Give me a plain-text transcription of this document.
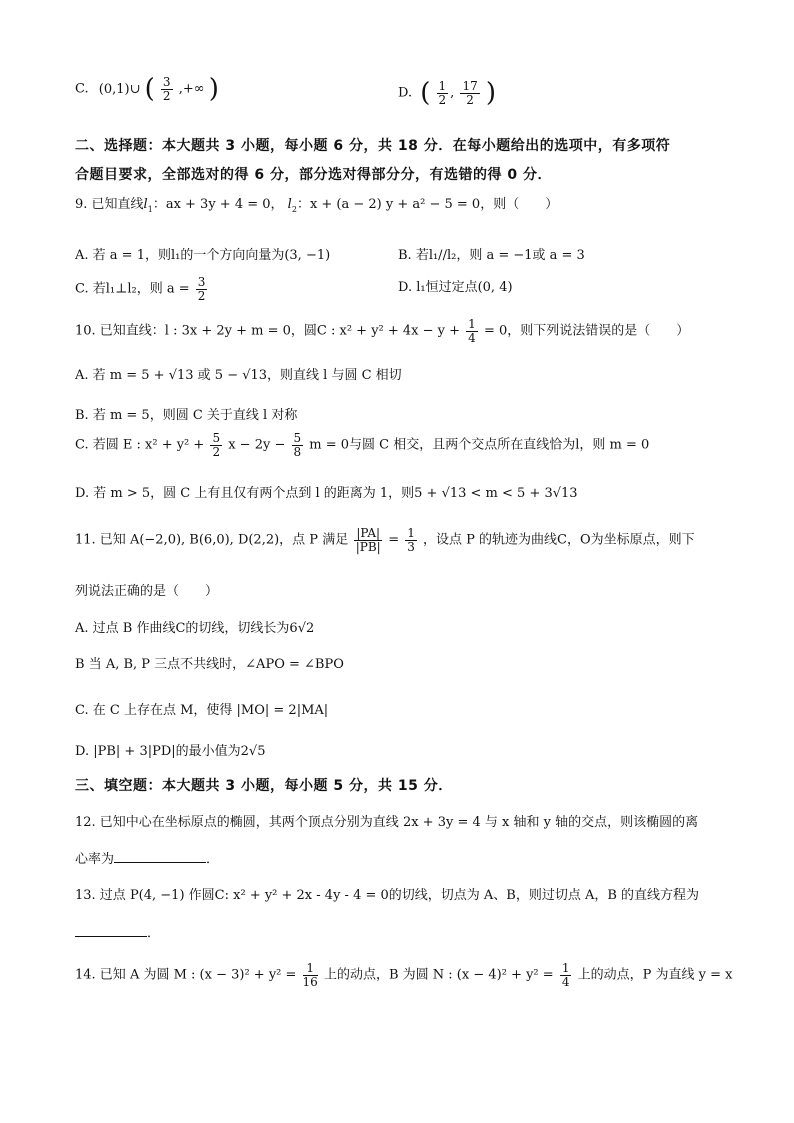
C. (0,1)∪ ( $\frac{3}{2}$ ,+∞ )	D. ( $\frac{1}{2}$ , $\frac{17}{2}$ )
二、选择题：本大题共 3 小题，每小题 6 分，共 18 分．在每小题给出的选项中，有多项符
合题目要求，全部选对的得 6 分，部分选对得部分分，有选错的得 0 分．
9. 已知直线$l_1$：ax + 3y + 4 = 0， $l_2$：x + (a − 2) y + a² − 5 = 0，则（　　）
A. 若 a = 1，则l₁的一个方向向量为(3, −1)	B. 若l₁//l₂，则 a = −1或 a = 3
C. 若l₁⊥l₂，则 $a = \frac{3}{2}$	D. l₁恒过定点(0, 4)
10. 已知直线：l : 3x + 2y + m = 0，圆C : $x^2 + y^2 + 4x - y + \frac{1}{4} = 0$，则下列说法错误的是（　　）
A. 若 m = 5 + √13 或 5 − √13，则直线 l 与圆 C 相切
B. 若 m = 5，则圆 C 关于直线 l 对称
C. 若圆 E : $x^2 + y^2 + \frac{5}{2}$ $x - 2y - \frac{5}{8}$ m = 0与圆 C 相交，且两个交点所在直线恰为l，则 m = 0
D. 若 m > 5，圆 C 上有且仅有两个点到 l 的距离为 1，则5 + √13 < m < 5 + 3√13
11. 已知 A(−2,0), B(6,0), D(2,2)，点 P 满足 $\frac{|PA|}{|PB|} = \frac{1}{3}$ ，设点 P 的轨迹为曲线C，O为坐标原点，则下
列说法正确的是（　　）
A. 过点 B 作曲线C的切线，切线长为6√2
B 当 A, B, P 三点不共线时，∠APO = ∠BPO
C. 在 C 上存在点 M，使得 |MO| = 2|MA|
D. |PB| + 3|PD|的最小值为2√5
三、填空题：本大题共 3 小题，每小题 5 分，共 15 分．
12. 已知中心在坐标原点的椭圆，其两个顶点分别为直线 2x + 3y = 4 与 x 轴和 y 轴的交点，则该椭圆的离
心率为	．
13. 过点 P(4, −1) 作圆C: x² + y² + 2x - 4y - 4 = 0的切线，切点为 A、B，则过切点 A，B 的直线方程为
．
14. 已知 A 为圆 M : $(x - 3)^2 + y^2 = \frac{1}{16}$ 上的动点，B 为圆 N : $(x - 4)^2 + y^2 = \frac{1}{4}$ 上的动点，P 为直线 y = x
